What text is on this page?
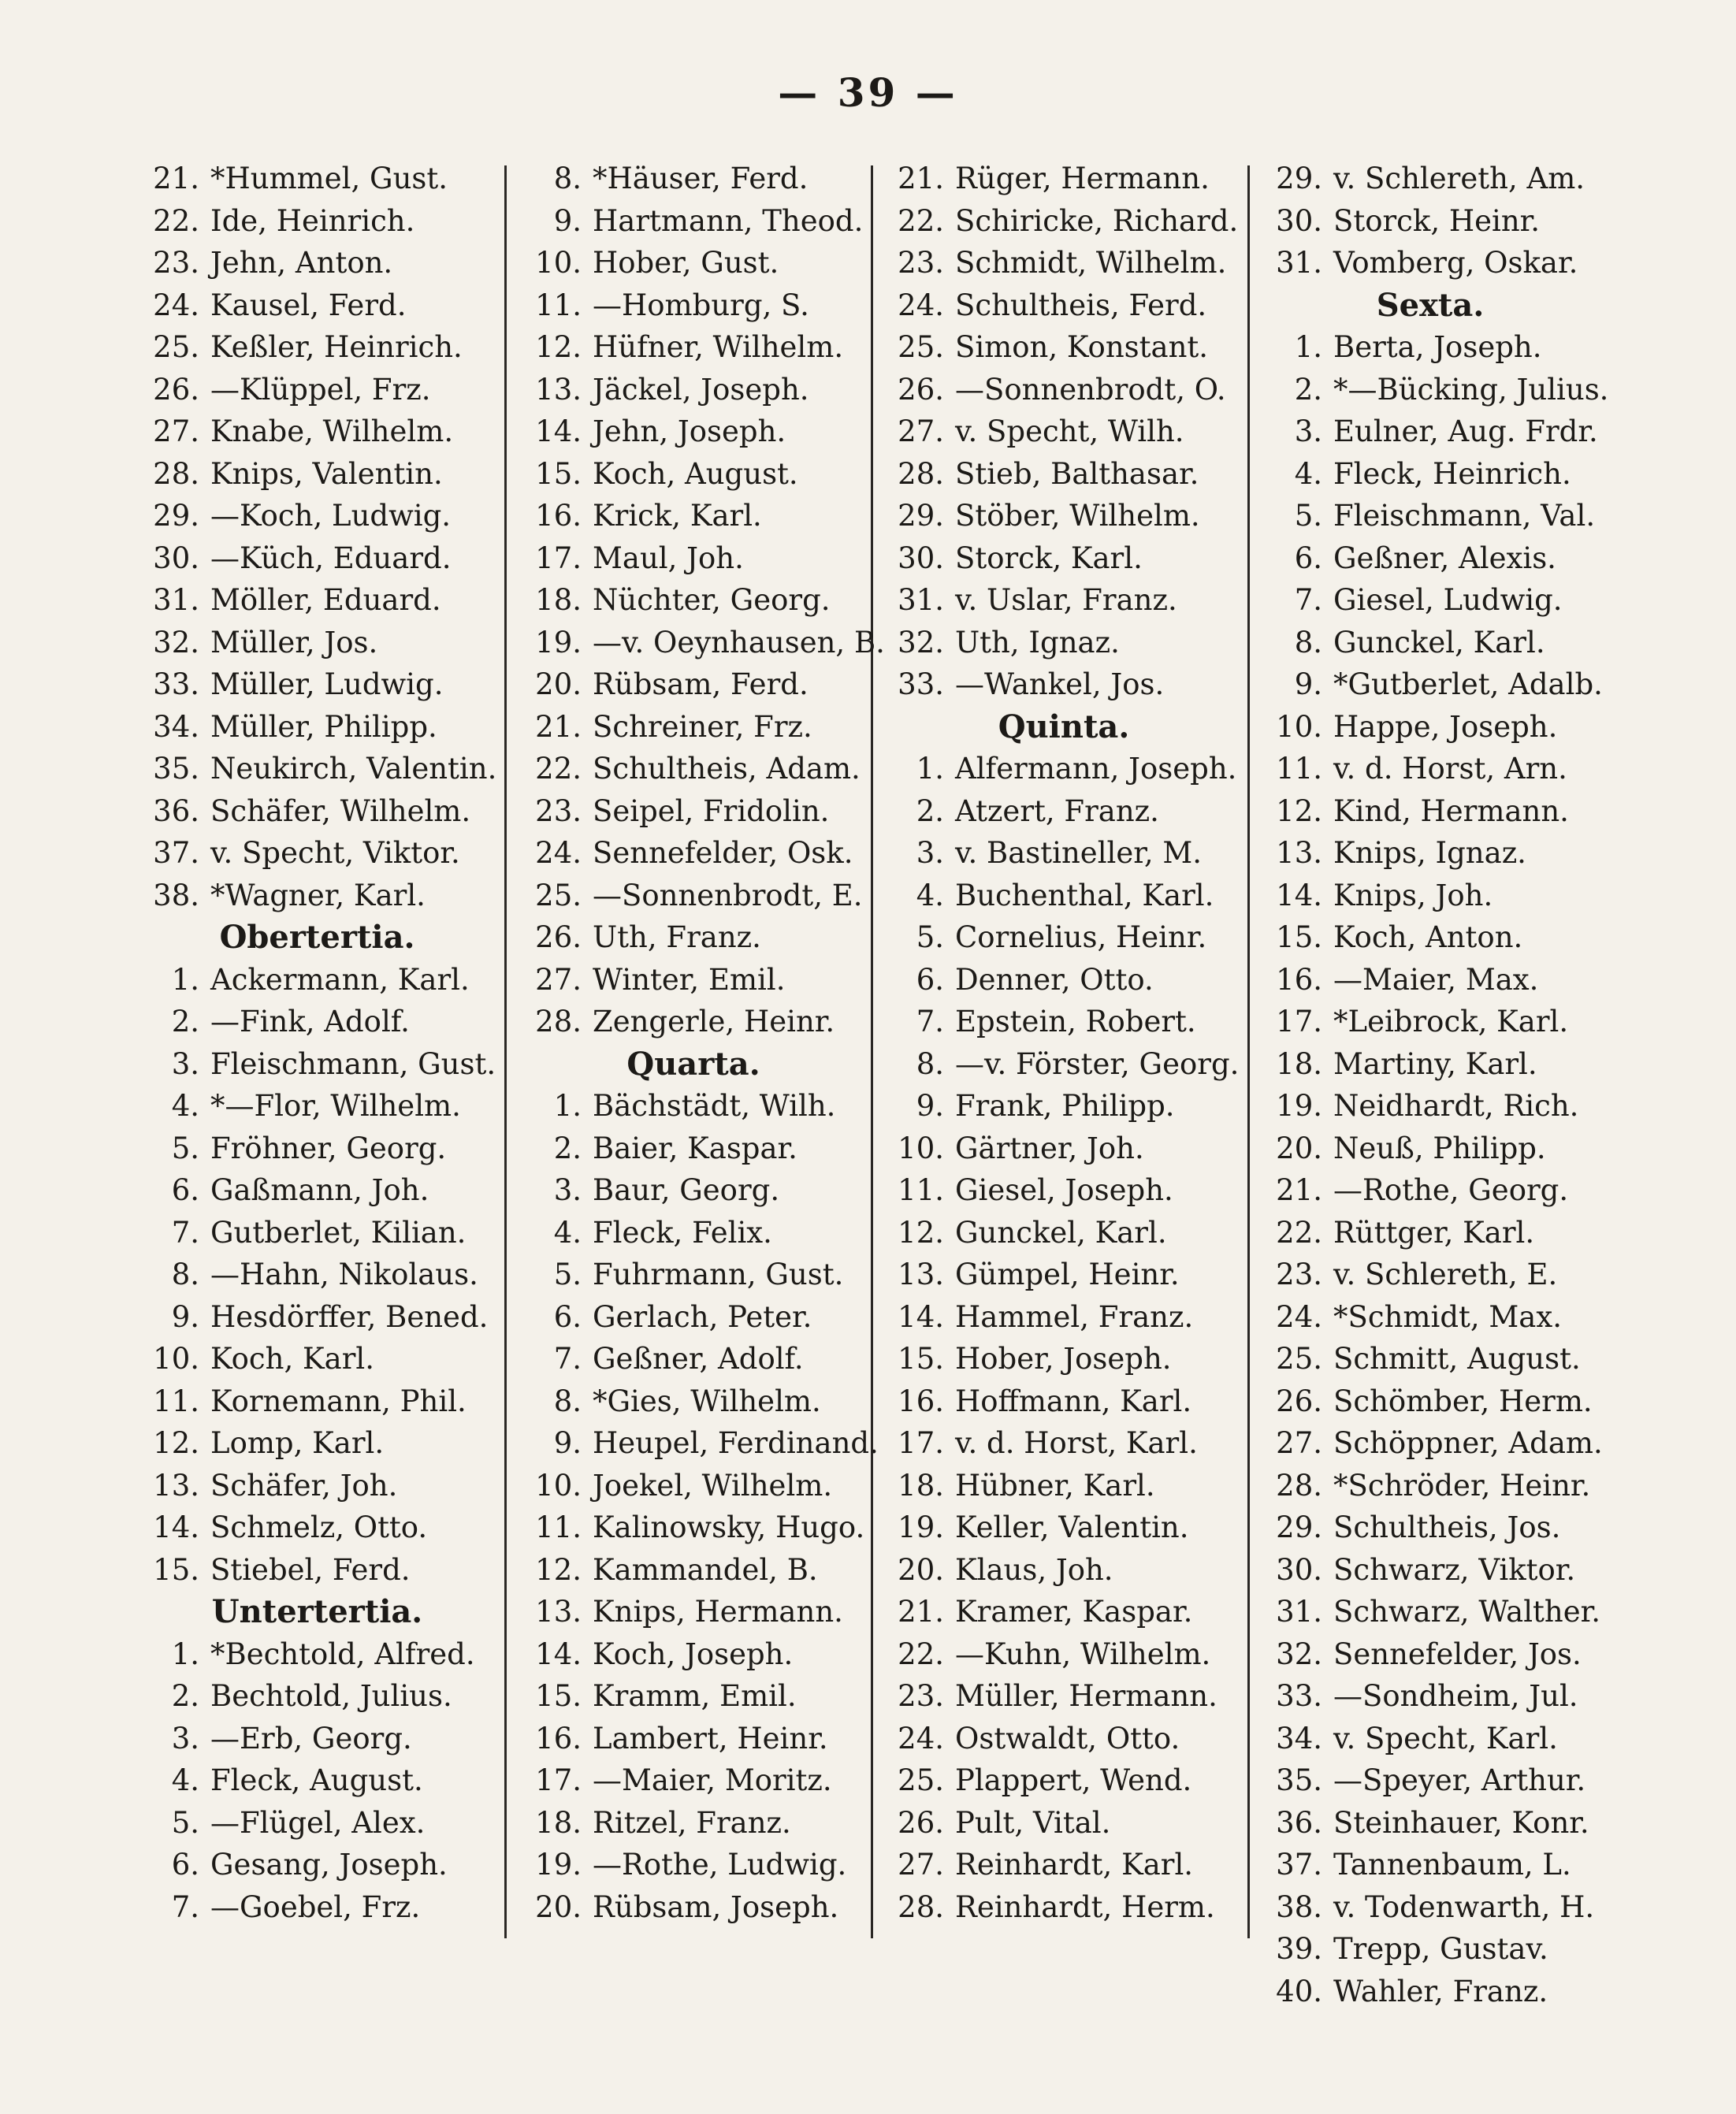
— 39 —
21. *Hummel, Gust.
22. Ide, Heinrich.
23. Jehn, Anton.
24. Kausel, Ferd.
25. Keßler, Heinrich.
26. —Klüppel, Frz.
27. Knabe, Wilhelm.
28. Knips, Valentin.
29. —Koch, Ludwig.
30. —Küch, Eduard.
31. Möller, Eduard.
32. Müller, Jos.
33. Müller, Ludwig.
34. Müller, Philipp.
35. Neukirch, Valentin.
36. Schäfer, Wilhelm.
37. v. Specht, Viktor.
38. *Wagner, Karl.
Obertertia.
1. Ackermann, Karl.
2. —Fink, Adolf.
3. Fleischmann, Gust.
4. *—Flor, Wilhelm.
5. Fröhner, Georg.
6. Gaßmann, Joh.
7. Gutberlet, Kilian.
8. —Hahn, Nikolaus.
9. Hesdörffer, Bened.
10. Koch, Karl.
11. Kornemann, Phil.
12. Lomp, Karl.
13. Schäfer, Joh.
14. Schmelz, Otto.
15. Stiebel, Ferd.
Untertertia.
1. *Bechtold, Alfred.
2. Bechtold, Julius.
3. —Erb, Georg.
4. Fleck, August.
5. —Flügel, Alex.
6. Gesang, Joseph.
7. —Goebel, Frz.
8. *Häuser, Ferd.
9. Hartmann, Theod.
10. Hober, Gust.
11. —Homburg, S.
12. Hüfner, Wilhelm.
13. Jäckel, Joseph.
14. Jehn, Joseph.
15. Koch, August.
16. Krick, Karl.
17. Maul, Joh.
18. Nüchter, Georg.
19. —v. Oeynhausen, B.
20. Rübsam, Ferd.
21. Schreiner, Frz.
22. Schultheis, Adam.
23. Seipel, Fridolin.
24. Sennefelder, Osk.
25. —Sonnenbrodt, E.
26. Uth, Franz.
27. Winter, Emil.
28. Zengerle, Heinr.
Quarta.
1. Bächstädt, Wilh.
2. Baier, Kaspar.
3. Baur, Georg.
4. Fleck, Felix.
5. Fuhrmann, Gust.
6. Gerlach, Peter.
7. Geßner, Adolf.
8. *Gies, Wilhelm.
9. Heupel, Ferdinand.
10. Joekel, Wilhelm.
11. Kalinowsky, Hugo.
12. Kammandel, B.
13. Knips, Hermann.
14. Koch, Joseph.
15. Kramm, Emil.
16. Lambert, Heinr.
17. —Maier, Moritz.
18. Ritzel, Franz.
19. —Rothe, Ludwig.
20. Rübsam, Joseph.
21. Rüger, Hermann.
22. Schiricke, Richard.
23. Schmidt, Wilhelm.
24. Schultheis, Ferd.
25. Simon, Konstant.
26. —Sonnenbrodt, O.
27. v. Specht, Wilh.
28. Stieb, Balthasar.
29. Stöber, Wilhelm.
30. Storck, Karl.
31. v. Uslar, Franz.
32. Uth, Ignaz.
33. —Wankel, Jos.
Quinta.
1. Alfermann, Joseph.
2. Atzert, Franz.
3. v. Bastineller, M.
4. Buchenthal, Karl.
5. Cornelius, Heinr.
6. Denner, Otto.
7. Epstein, Robert.
8. —v. Förster, Georg.
9. Frank, Philipp.
10. Gärtner, Joh.
11. Giesel, Joseph.
12. Gunckel, Karl.
13. Gümpel, Heinr.
14. Hammel, Franz.
15. Hober, Joseph.
16. Hoffmann, Karl.
17. v. d. Horst, Karl.
18. Hübner, Karl.
19. Keller, Valentin.
20. Klaus, Joh.
21. Kramer, Kaspar.
22. —Kuhn, Wilhelm.
23. Müller, Hermann.
24. Ostwaldt, Otto.
25. Plappert, Wend.
26. Pult, Vital.
27. Reinhardt, Karl.
28. Reinhardt, Herm.
29. v. Schlereth, Am.
30. Storck, Heinr.
31. Vomberg, Oskar.
Sexta.
1. Berta, Joseph.
2. *—Bücking, Julius.
3. Eulner, Aug. Frdr.
4. Fleck, Heinrich.
5. Fleischmann, Val.
6. Geßner, Alexis.
7. Giesel, Ludwig.
8. Gunckel, Karl.
9. *Gutberlet, Adalb.
10. Happe, Joseph.
11. v. d. Horst, Arn.
12. Kind, Hermann.
13. Knips, Ignaz.
14. Knips, Joh.
15. Koch, Anton.
16. —Maier, Max.
17. *Leibrock, Karl.
18. Martiny, Karl.
19. Neidhardt, Rich.
20. Neuß, Philipp.
21. —Rothe, Georg.
22. Rüttger, Karl.
23. v. Schlereth, E.
24. *Schmidt, Max.
25. Schmitt, August.
26. Schömber, Herm.
27. Schöppner, Adam.
28. *Schröder, Heinr.
29. Schultheis, Jos.
30. Schwarz, Viktor.
31. Schwarz, Walther.
32. Sennefelder, Jos.
33. —Sondheim, Jul.
34. v. Specht, Karl.
35. —Speyer, Arthur.
36. Steinhauer, Konr.
37. Tannenbaum, L.
38. v. Todenwarth, H.
39. Trepp, Gustav.
40. Wahler, Franz.
